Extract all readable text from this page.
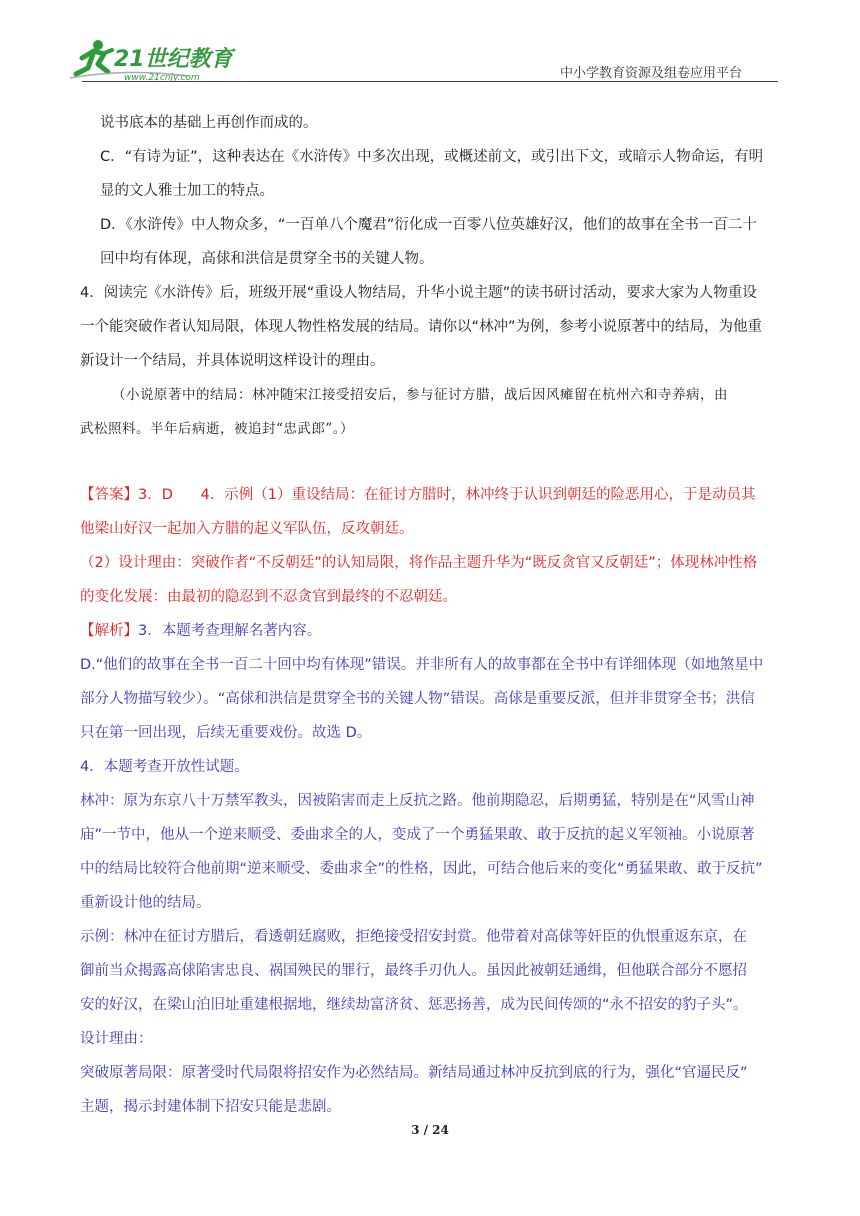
21世纪教育
www.21cnjy.com	中小学教育资源及组卷应用平台

说书底本的基础上再创作而成的。

C．“有诗为证”，这种表达在《水浒传》中多次出现，或概述前文，或引出下文，或暗示人物命运，有明

显的文人雅士加工的特点。

D．《水浒传》中人物众多，“一百单八个魔君”衍化成一百零八位英雄好汉，他们的故事在全书一百二十

回中均有体现，高俅和洪信是贯穿全书的关键人物。

4．阅读完《水浒传》后，班级开展“重设人物结局，升华小说主题”的读书研讨活动，要求大家为人物重设

一个能突破作者认知局限，体现人物性格发展的结局。请你以“林冲”为例，参考小说原著中的结局，为他重

新设计一个结局，并具体说明这样设计的理由。

（小说原著中的结局：林冲随宋江接受招安后，参与征讨方腊，战后因风瘫留在杭州六和寺养病，由

武松照料。半年后病逝，被追封“忠武郎”。）

【答案】3．D      4．示例（1）重设结局：在征讨方腊时，林冲终于认识到朝廷的险恶用心，于是动员其

他梁山好汉一起加入方腊的起义军队伍，反攻朝廷。

（2）设计理由：突破作者“不反朝廷”的认知局限，将作品主题升华为“既反贪官又反朝廷”；体现林冲性格

的变化发展：由最初的隐忍到不忍贪官到最终的不忍朝廷。

【解析】3．本题考查理解名著内容。

D.“他们的故事在全书一百二十回中均有体现”错误。并非所有人的故事都在全书中有详细体现（如地煞星中

部分人物描写较少）。“高俅和洪信是贯穿全书的关键人物”错误。高俅是重要反派，但并非贯穿全书；洪信

只在第一回出现，后续无重要戏份。故选 D。

4．本题考查开放性试题。

林冲：原为东京八十万禁军教头，因被陷害而走上反抗之路。他前期隐忍，后期勇猛，特别是在“风雪山神

庙”一节中，他从一个逆来顺受、委曲求全的人，变成了一个勇猛果敢、敢于反抗的起义军领袖。小说原著

中的结局比较符合他前期“逆来顺受、委曲求全”的性格，因此，可结合他后来的变化“勇猛果敢、敢于反抗”

重新设计他的结局。

示例：林冲在征讨方腊后，看透朝廷腐败，拒绝接受招安封赏。他带着对高俅等奸臣的仇恨重返东京，在

御前当众揭露高俅陷害忠良、祸国殃民的罪行，最终手刃仇人。虽因此被朝廷通缉，但他联合部分不愿招

安的好汉，在梁山泊旧址重建根据地，继续劫富济贫、惩恶扬善，成为民间传颂的“永不招安的豹子头”。

设计理由：

突破原著局限：原著受时代局限将招安作为必然结局。新结局通过林冲反抗到底的行为，强化“官逼民反”

主题，揭示封建体制下招安只能是悲剧。

3 / 24
